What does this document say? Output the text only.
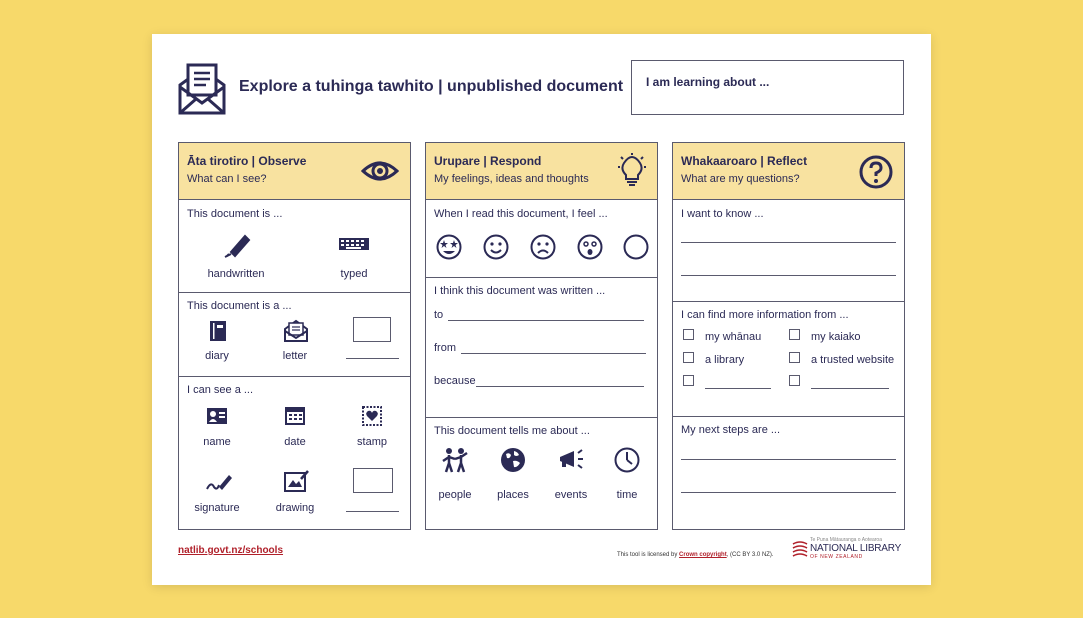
Explore a tuhinga tawhito | unpublished document	I am learning about ...
Āta tirotiro | Observe
What can I see?
This document is ...
handwritten	typed
This document is a ...
diary	letter
I can see a ...
name	date	stamp
signature	drawing
Urupare | Respond
My feelings, ideas and thoughts
When I read this document, I feel ...
I think this document was written ...
to
from
because
This document tells me about ...
people	places	events	time
Whakaaroaro | Reflect
What are my questions?
I want to know ...
I can find more information from ...
my whānau	my kaiako
a library	a trusted website
My next steps are ...
natlib.govt.nz/schools	This tool is licensed by Crown copyright, (CC BY 3.0 NZ).
Te Puna Mātauranga o Aotearoa
NATIONAL LIBRARY
OF NEW ZEALAND
